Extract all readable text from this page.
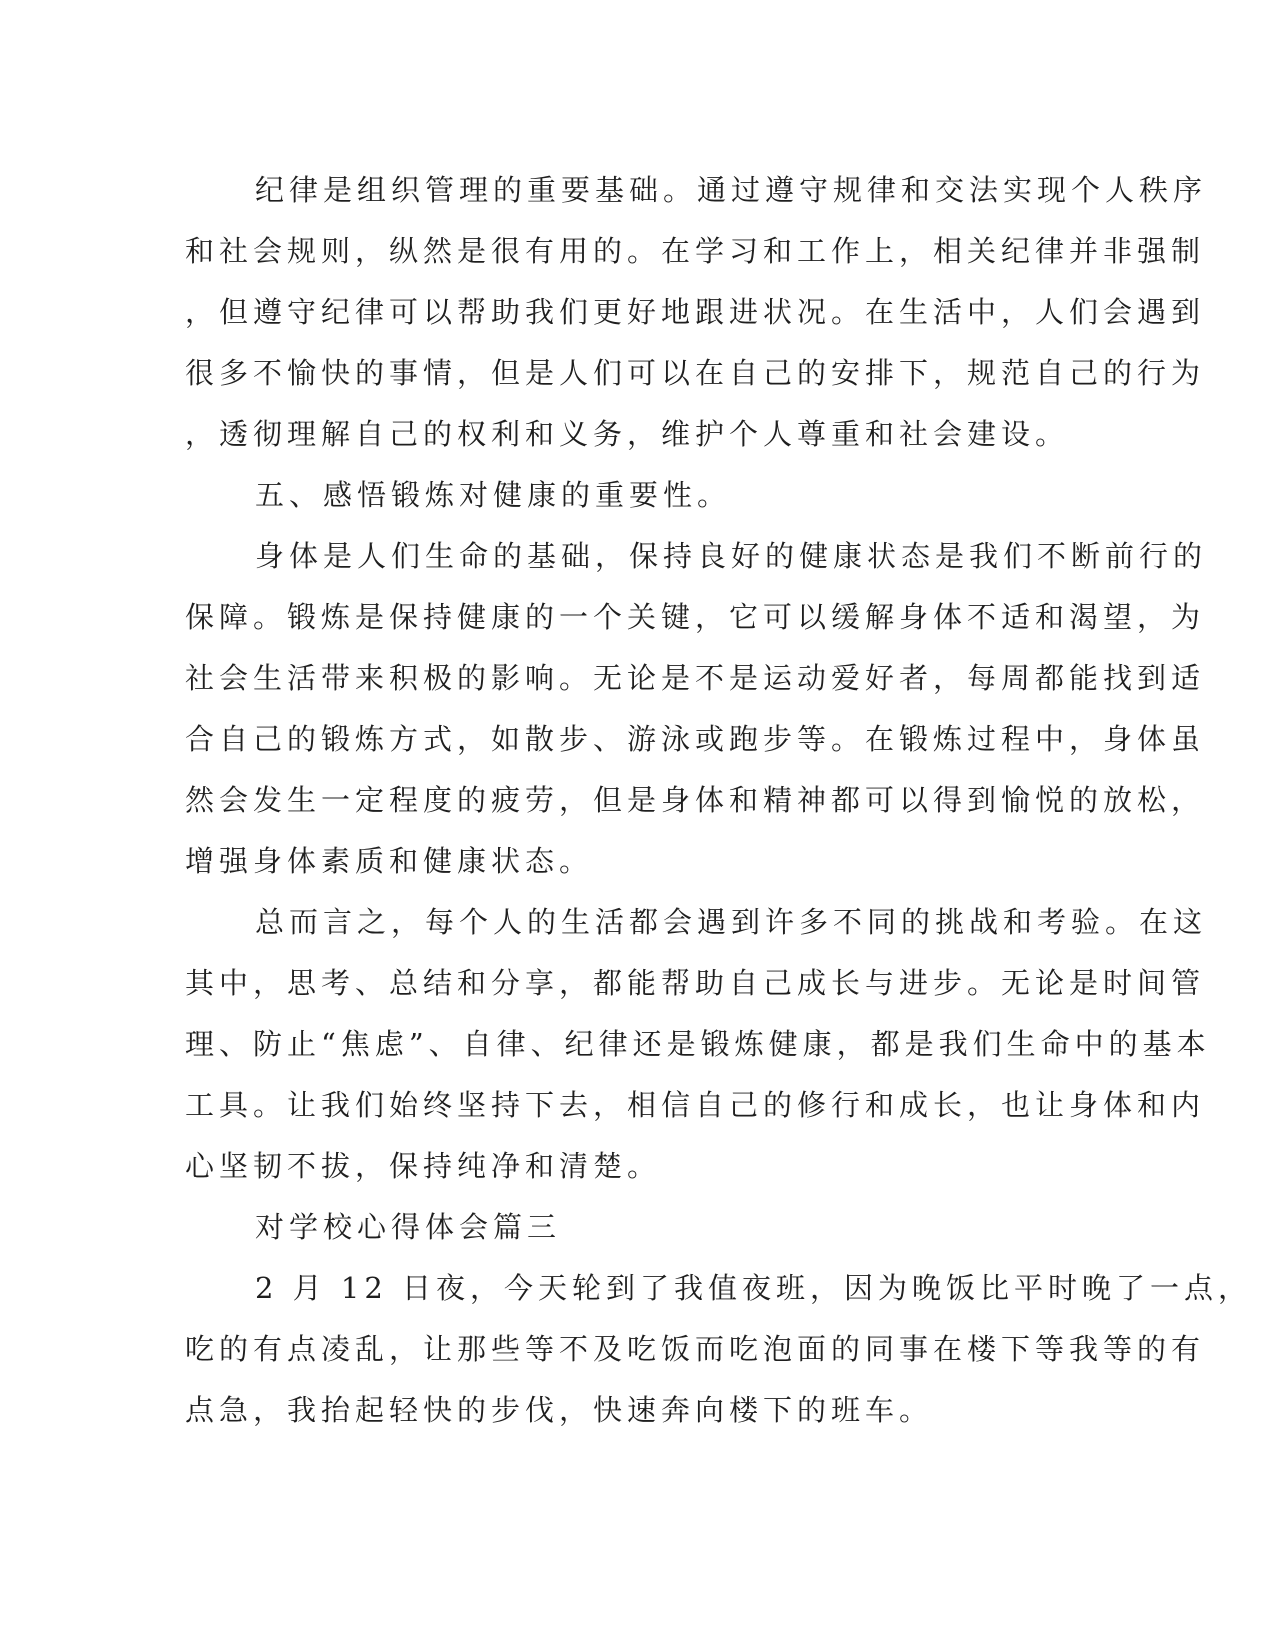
纪律是组织管理的重要基础。通过遵守规律和交法实现个人秩序
和社会规则，纵然是很有用的。在学习和工作上，相关纪律并非强制
，但遵守纪律可以帮助我们更好地跟进状况。在生活中，人们会遇到
很多不愉快的事情，但是人们可以在自己的安排下，规范自己的行为
，透彻理解自己的权利和义务，维护个人尊重和社会建设。
五、感悟锻炼对健康的重要性。
身体是人们生命的基础，保持良好的健康状态是我们不断前行的
保障。锻炼是保持健康的一个关键，它可以缓解身体不适和渴望，为
社会生活带来积极的影响。无论是不是运动爱好者，每周都能找到适
合自己的锻炼方式，如散步、游泳或跑步等。在锻炼过程中，身体虽
然会发生一定程度的疲劳，但是身体和精神都可以得到愉悦的放松，
增强身体素质和健康状态。
总而言之，每个人的生活都会遇到许多不同的挑战和考验。在这
其中，思考、总结和分享，都能帮助自己成长与进步。无论是时间管
理、防止“焦虑”、自律、纪律还是锻炼健康，都是我们生命中的基本
工具。让我们始终坚持下去，相信自己的修行和成长，也让身体和内
心坚韧不拔，保持纯净和清楚。
对学校心得体会篇三
2 月 12 日夜，今天轮到了我值夜班，因为晚饭比平时晚了一点，
吃的有点凌乱，让那些等不及吃饭而吃泡面的同事在楼下等我等的有
点急，我抬起轻快的步伐，快速奔向楼下的班车。
